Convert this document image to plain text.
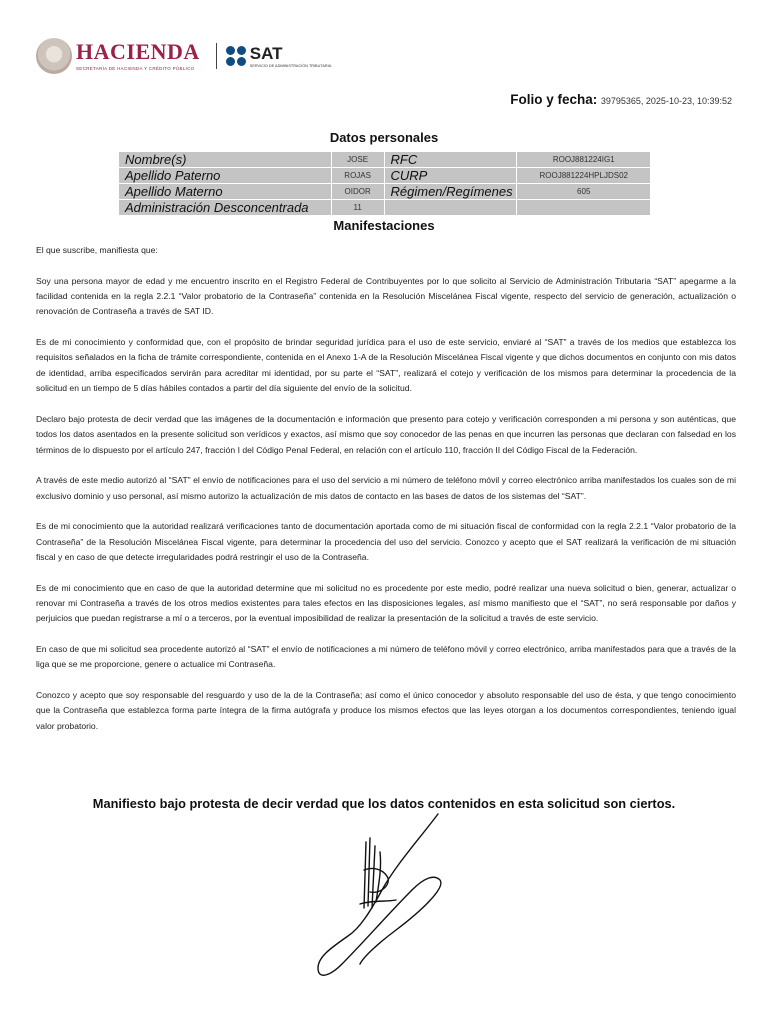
HACIENDA
SECRETARÍA DE HACIENDA Y CRÉDITO PÚBLICO
SAT
SERVICIO DE ADMINISTRACIÓN TRIBUTARIA
Folio y fecha: 39795365, 2025-10-23, 10:39:52
Datos personales
Nombre(s)	JOSE	RFC	ROOJ881224IG1
Apellido Paterno	ROJAS	CURP	ROOJ881224HPLJDS02
Apellido Materno	OIDOR	Régimen/Regímenes	605
Administración Desconcentrada	11		
Manifestaciones

El que suscribe, manifiesta que:

Soy una persona mayor de edad y me encuentro inscrito en el Registro Federal de Contribuyentes por lo que solicito al Servicio de Administración Tributaria “SAT” apegarme a la facilidad contenida en la regla 2.2.1 “Valor probatorio de la Contraseña” contenida en la Resolución Miscelánea Fiscal vigente, respecto del servicio de generación, actualización o renovación de Contraseña a través de SAT ID.

Es de mi conocimiento y conformidad que, con el propósito de brindar seguridad jurídica para el uso de este servicio, enviaré al “SAT” a través de los medios que establezca los requisitos señalados en la ficha de trámite correspondiente, contenida en el Anexo 1-A de la Resolución Miscelánea Fiscal vigente y que dichos documentos en conjunto con mis datos de identidad, arriba especificados servirán para acreditar mi identidad, por su parte el “SAT”, realizará el cotejo y verificación de los mismos para determinar la procedencia de la solicitud en un tiempo de 5 días hábiles contados a partir del día siguiente del envío de la solicitud.

Declaro bajo protesta de decir verdad que las imágenes de la documentación e información que presento para cotejo y verificación corresponden a mi persona y son auténticas, que todos los datos asentados en la presente solicitud son verídicos y exactos, así mismo que soy conocedor de las penas en que incurren las personas que declaran con falsedad en los términos de lo dispuesto por el artículo 247, fracción I del Código Penal Federal, en relación con el artículo 110, fracción II del Código Fiscal de la Federación.

A través de este medio autorizó al “SAT” el envío de notificaciones para el uso del servicio a mi número de teléfono móvil y correo electrónico arriba manifestados los cuales son de mi exclusivo dominio y uso personal, así mismo autorizo la actualización de mis datos de contacto en las bases de datos de los sistemas del “SAT”.

Es de mi conocimiento que la autoridad realizará verificaciones tanto de documentación aportada como de mi situación fiscal de conformidad con la regla 2.2.1 “Valor probatorio de la Contraseña” de la Resolución Miscelánea Fiscal vigente, para determinar la procedencia del uso del servicio. Conozco y acepto que el SAT realizará la verificación de mi situación fiscal y en caso de que detecte irregularidades podrá restringir el uso de la Contraseña.

Es de mi conocimiento que en caso de que la autoridad determine que mi solicitud no es procedente por este medio, podré realizar una nueva solicitud o bien, generar, actualizar o renovar mi Contraseña a través de los otros medios existentes para tales efectos en las disposiciones legales, así mismo manifiesto que el “SAT”, no será responsable por daños y perjuicios que puedan registrarse a mí o a terceros, por la eventual imposibilidad de realizar la presentación de la solicitud a través de este servicio.

En caso de que mi solicitud sea procedente autorizó al “SAT” el envío de notificaciones a mi número de teléfono móvil y correo electrónico, arriba manifestados para que a través de la liga que se me proporcione, genere o actualice mi Contraseña.

Conozco y acepto que soy responsable del resguardo y uso de la de la Contraseña; así como el único conocedor y absoluto responsable del uso de ésta, y que tengo conocimiento que la Contraseña que establezca forma parte íntegra de la firma autógrafa y produce los mismos efectos que las leyes otorgan a los documentos correspondientes, teniendo igual valor probatorio.

Manifiesto bajo protesta de decir verdad que los datos contenidos en esta solicitud son ciertos.
